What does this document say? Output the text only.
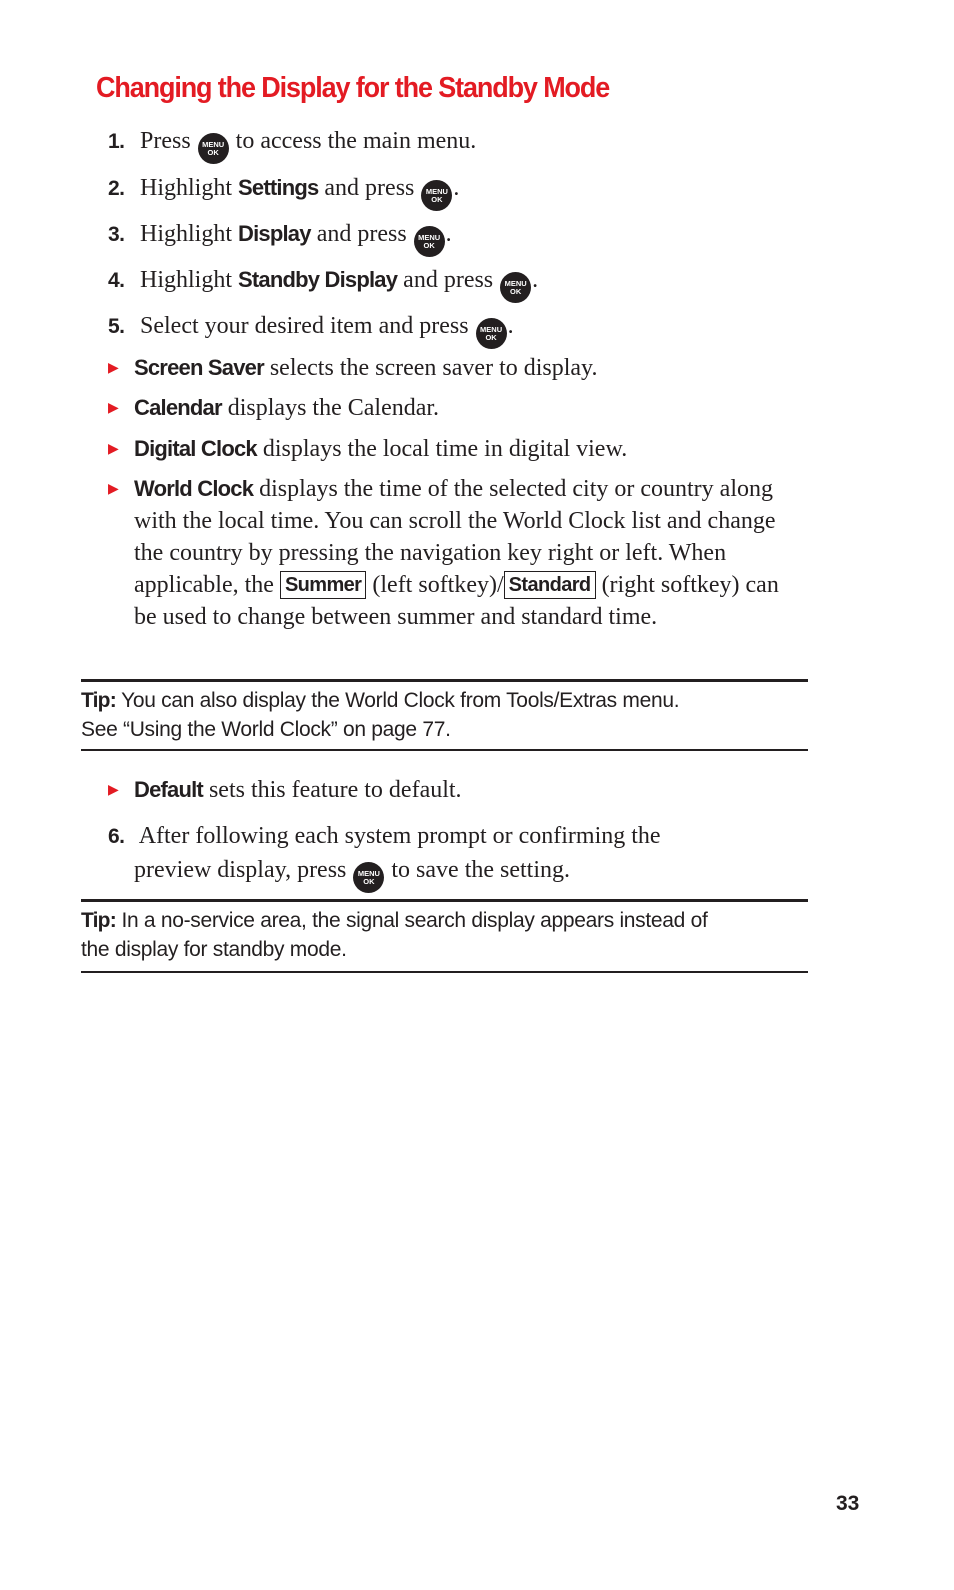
Changing the Display for the Standby Mode
1. Press	MENU
OK to access the main menu.
2. Highlight Settings and press	MENU
OK .
3. Highlight Display and press	MENU
OK .
4. Highlight Standby Display and press	MENU
OK .
5. Select your desired item and press	MENU
OK .
▶ Screen Saver selects the screen saver to display.
▶ Calendar displays the Calendar.
▶ Digital Clock displays the local time in digital view.
▶ World Clock displays the time of the selected city or country along with the local time. You can scroll the World Clock list and change the country by pressing the navigation key right or left. When applicable, the Summer (left softkey)/ Standard (right softkey) can be used to change between summer and standard time.
Tip: You can also display the World Clock from Tools/Extras menu.
See “Using the World Clock” on page 77.
▶ Default sets this feature to default.
6. After following each system prompt or confirming the
preview display, press	MENU
OK to save the setting.
Tip: In a no-service area, the signal search display appears instead of
the display for standby mode.
33
